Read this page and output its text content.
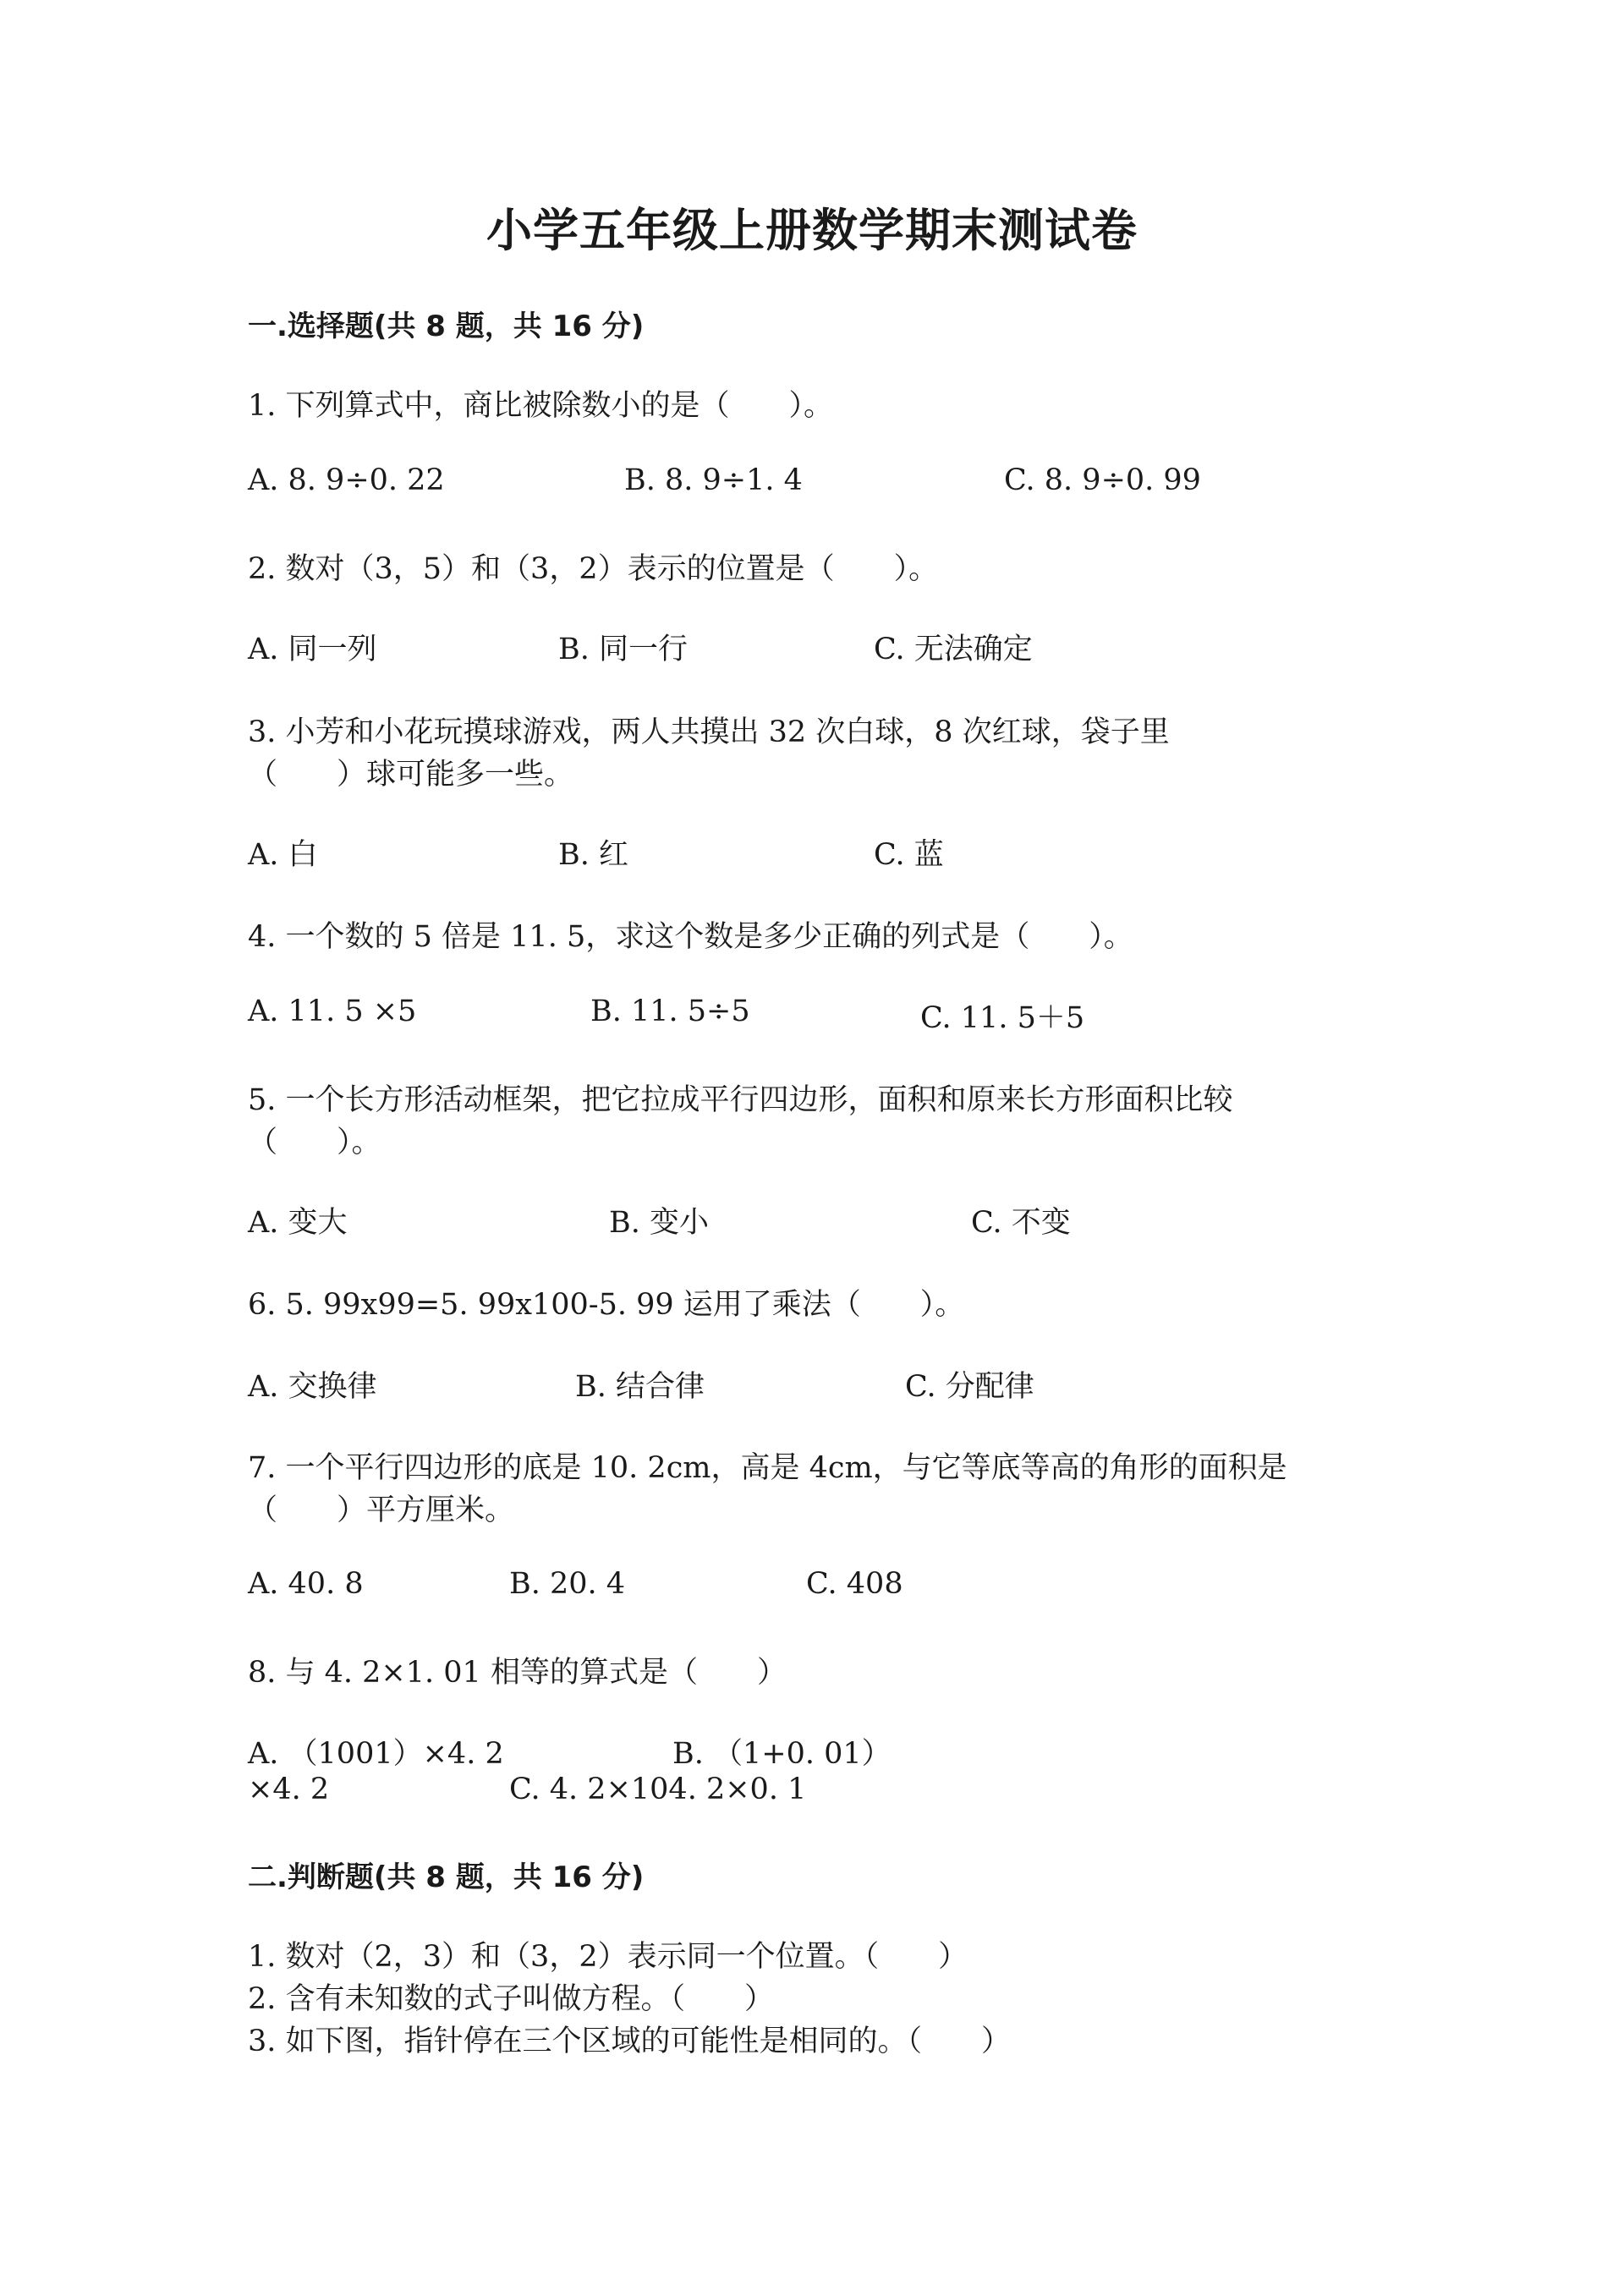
小学五年级上册数学期末测试卷
一.选择题(共 8 题，共 16 分)

1. 下列算式中，商比被除数小的是（　　）。

A. 8. 9÷0. 22	B. 8. 9÷1. 4	C. 8. 9÷0. 99

2. 数对（3，5）和（3，2）表示的位置是（　　）。

A. 同一列	B. 同一行	C. 无法确定

3. 小芳和小花玩摸球游戏，两人共摸出 32 次白球，8 次红球，袋子里

（　　）球可能多一些。

A. 白	B. 红	C. 蓝

4. 一个数的 5 倍是 11. 5，求这个数是多少正确的列式是（　　）。

A. 11. 5 ×5	B. 11. 5÷5	C. 11. 5＋5

5. 一个长方形活动框架，把它拉成平行四边形，面积和原来长方形面积比较

（　　）。

A. 变大	B. 变小	C. 不变

6. 5. 99x99=5. 99x100-5. 99 运用了乘法（　　）。

A. 交换律	B. 结合律	C. 分配律

7. 一个平行四边形的底是 10. 2cm，高是 4cm，与它等底等高的角形的面积是

（　　）平方厘米。

A. 40. 8	B. 20. 4	C. 408

8. 与 4. 2×1. 01 相等的算式是（　　）

A. （1001）×4. 2	B. （1+0. 01）
×4. 2	C. 4. 2×104. 2×0. 1
二.判断题(共 8 题，共 16 分)

1. 数对（2，3）和（3，2）表示同一个位置。（　　）

2. 含有未知数的式子叫做方程。（　　）

3. 如下图，指针停在三个区域的可能性是相同的。（　　）
